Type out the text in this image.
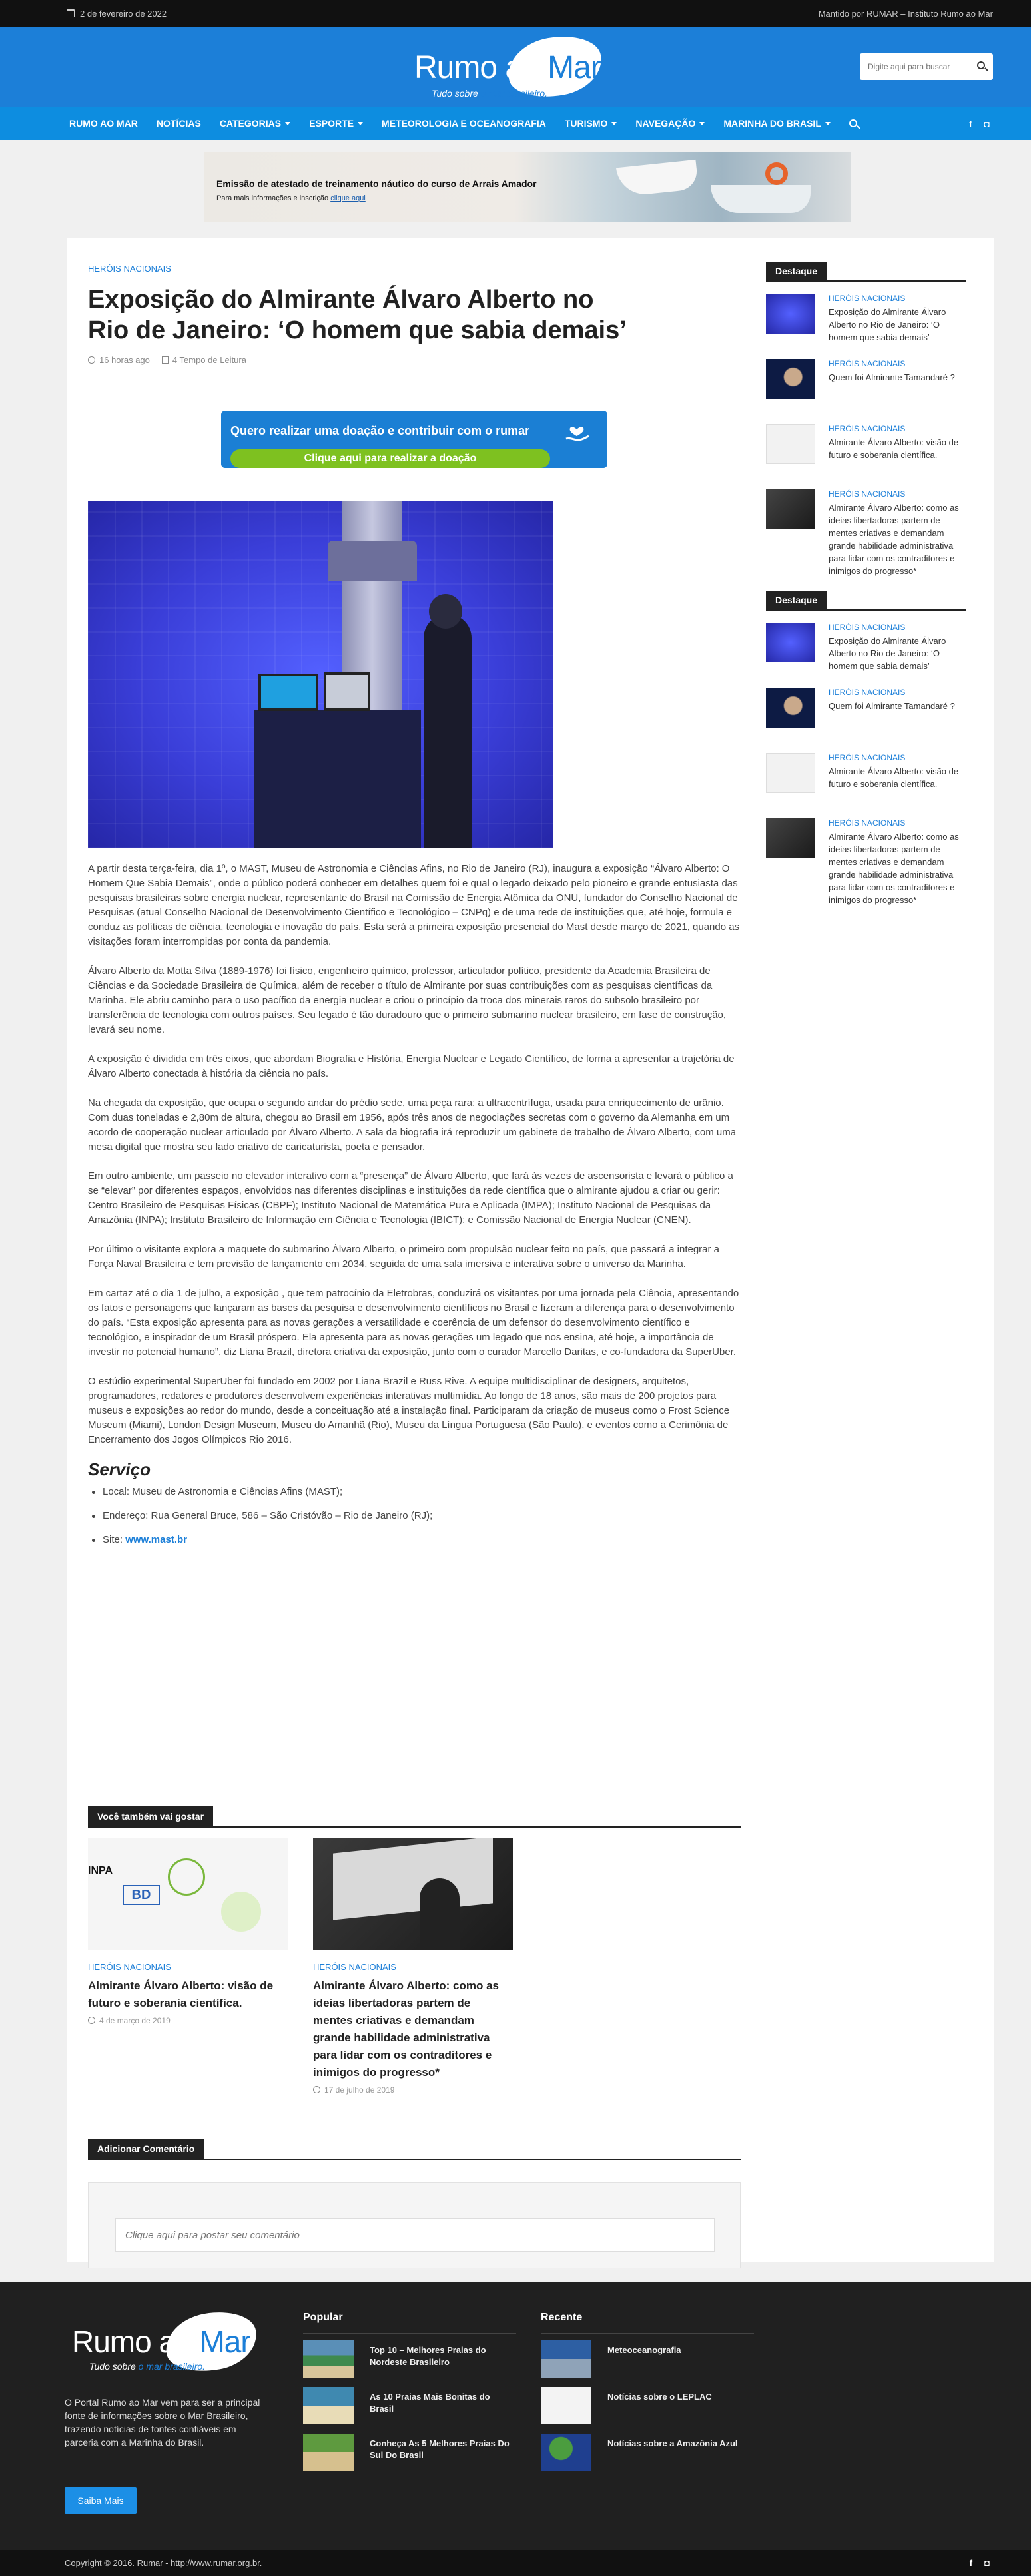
2 de fevereiro de 2022	Mantido por RUMAR – Instituto Rumo ao Mar
Rumo ao Mar
Tudo sobre o mar brasileiro.
Digite aqui para buscar
RUMO AO MAR NOTÍCIAS CATEGORIAS	ESPORTE	METEOROLOGIA E OCEANOGRAFIA TURISMO	NAVEGAÇÃO	MARINHA DO BRASIL	f ◘
Emissão de atestado de treinamento náutico do curso de Arrais Amador
Para mais informações e inscrição clique aqui
HERÓIS NACIONAIS
Exposição do Almirante Álvaro Alberto no Rio de Janeiro: ‘O homem que sabia demais’
16 horas ago	4 Tempo de Leitura
Quero realizar uma doação e contribuir com o rumar
Clique aqui para realizar a doação

A partir desta terça-feira, dia 1º, o MAST, Museu de Astronomia e Ciências Afins, no Rio de Janeiro (RJ), inaugura a exposição “Álvaro Alberto: O Homem Que Sabia Demais”, onde o público poderá conhecer em detalhes quem foi e qual o legado deixado pelo pioneiro e grande entusiasta das pesquisas brasileiras sobre energia nuclear, representante do Brasil na Comissão de Energia Atômica da ONU, fundador do Conselho Nacional de Pesquisas (atual Conselho Nacional de Desenvolvimento Científico e Tecnológico – CNPq) e de uma rede de instituições que, até hoje, formula e conduz as políticas de ciência, tecnologia e inovação do país. Esta será a primeira exposição presencial do Mast desde março de 2021, quando as visitações foram interrompidas por conta da pandemia.

Álvaro Alberto da Motta Silva (1889-1976) foi físico, engenheiro químico, professor, articulador político, presidente da Academia Brasileira de Ciências e da Sociedade Brasileira de Química, além de receber o título de Almirante por suas contribuições com as pesquisas científicas da Marinha. Ele abriu caminho para o uso pacífico da energia nuclear e criou o princípio da troca dos minerais raros do subsolo brasileiro por transferência de tecnologia com outros países. Seu legado é tão duradouro que o primeiro submarino nuclear brasileiro, em fase de construção, levará seu nome.

A exposição é dividida em três eixos, que abordam Biografia e História, Energia Nuclear e Legado Científico, de forma a apresentar a trajetória de Álvaro Alberto conectada à história da ciência no país.

Na chegada da exposição, que ocupa o segundo andar do prédio sede, uma peça rara: a ultracentrífuga, usada para enriquecimento de urânio. Com duas toneladas e 2,80m de altura, chegou ao Brasil em 1956, após três anos de negociações secretas com o governo da Alemanha em um acordo de cooperação nuclear articulado por Álvaro Alberto. A sala da biografia irá reproduzir um gabinete de trabalho de Álvaro Alberto, com uma mesa digital que mostra seu lado criativo de caricaturista, poeta e pensador.

Em outro ambiente, um passeio no elevador interativo com a “presença” de Álvaro Alberto, que fará às vezes de ascensorista e levará o público a se “elevar” por diferentes espaços, envolvidos nas diferentes disciplinas e instituições da rede científica que o almirante ajudou a criar ou gerir: Centro Brasileiro de Pesquisas Físicas (CBPF); Instituto Nacional de Matemática Pura e Aplicada (IMPA); Instituto Nacional de Pesquisas da Amazônia (INPA); Instituto Brasileiro de Informação em Ciência e Tecnologia (IBICT); e Comissão Nacional de Energia Nuclear (CNEN).

Por último o visitante explora a maquete do submarino Álvaro Alberto, o primeiro com propulsão nuclear feito no país, que passará a integrar a Força Naval Brasileira e tem previsão de lançamento em 2034, seguida de uma sala imersiva e interativa sobre o universo da Marinha.

Em cartaz até o dia 1 de julho, a exposição , que tem patrocínio da Eletrobras, conduzirá os visitantes por uma jornada pela Ciência, apresentando os fatos e personagens que lançaram as bases da pesquisa e desenvolvimento científicos no Brasil e fizeram a diferença para o desenvolvimento do país. “Esta exposição apresenta para as novas gerações a versatilidade e coerência de um defensor do desenvolvimento científico e tecnológico, e inspirador de um Brasil próspero. Ela apresenta para as novas gerações um legado que nos ensina, até hoje, a importância de investir no potencial humano”, diz Liana Brazil, diretora criativa da exposição, junto com o curador Marcello Daritas, e co-fundadora da SuperUber.

O estúdio experimental SuperUber foi fundado em 2002 por Liana Brazil e Russ Rive. A equipe multidisciplinar de designers, arquitetos, programadores, redatores e produtores desenvolvem experiências interativas multimídia. Ao longo de 18 anos, são mais de 200 projetos para museus e exposições ao redor do mundo, desde a conceituação até a instalação final. Participaram da criação de museus como o Frost Science Museum (Miami), London Design Museum, Museu do Amanhã (Rio), Museu da Língua Portuguesa (São Paulo), e eventos como a Cerimônia de Encerramento dos Jogos Olímpicos Rio 2016.

Serviço
Local: Museu de Astronomia e Ciências Afins (MAST);
Endereço: Rua General Bruce, 586 – São Cristóvão – Rio de Janeiro (RJ);
Site: www.mast.br
Você também vai gostar
INPA
BD
HERÓIS NACIONAIS
Almirante Álvaro Alberto: visão de futuro e soberania científica.
4 de março de 2019
HERÓIS NACIONAIS
Almirante Álvaro Alberto: como as ideias libertadoras partem de mentes criativas e demandam grande habilidade administrativa para lidar com os contraditores e inimigos do progresso*
17 de julho de 2019
Adicionar Comentário
Clique aqui para postar seu comentário
Destaque
HERÓIS NACIONAIS
Exposição do Almirante Álvaro Alberto no Rio de Janeiro: ‘O homem que sabia demais’
HERÓIS NACIONAIS
Quem foi Almirante Tamandaré ?
HERÓIS NACIONAIS
Almirante Álvaro Alberto: visão de futuro e soberania científica.
HERÓIS NACIONAIS
Almirante Álvaro Alberto: como as ideias libertadoras partem de mentes criativas e demandam grande habilidade administrativa para lidar com os contraditores e inimigos do progresso*
Destaque
HERÓIS NACIONAIS
Exposição do Almirante Álvaro Alberto no Rio de Janeiro: ‘O homem que sabia demais’
HERÓIS NACIONAIS
Quem foi Almirante Tamandaré ?
HERÓIS NACIONAIS
Almirante Álvaro Alberto: visão de futuro e soberania científica.
HERÓIS NACIONAIS
Almirante Álvaro Alberto: como as ideias libertadoras partem de mentes criativas e demandam grande habilidade administrativa para lidar com os contraditores e inimigos do progresso*
Rumo ao Mar
Tudo sobre o mar brasileiro.

O Portal Rumo ao Mar vem para ser a principal fonte de informações sobre o Mar Brasileiro, trazendo notícias de fontes confiáveis em parceria com a Marinha do Brasil.

Saiba Mais
Popular
Top 10 – Melhores Praias do Nordeste Brasileiro
As 10 Praias Mais Bonitas do Brasil
Conheça As 5 Melhores Praias Do Sul Do Brasil
Recente
Meteoceanografia
Notícias sobre o LEPLAC
Notícias sobre a Amazônia Azul
Copyright © 2016. Rumar - http://www.rumar.org.br.	f ◘
